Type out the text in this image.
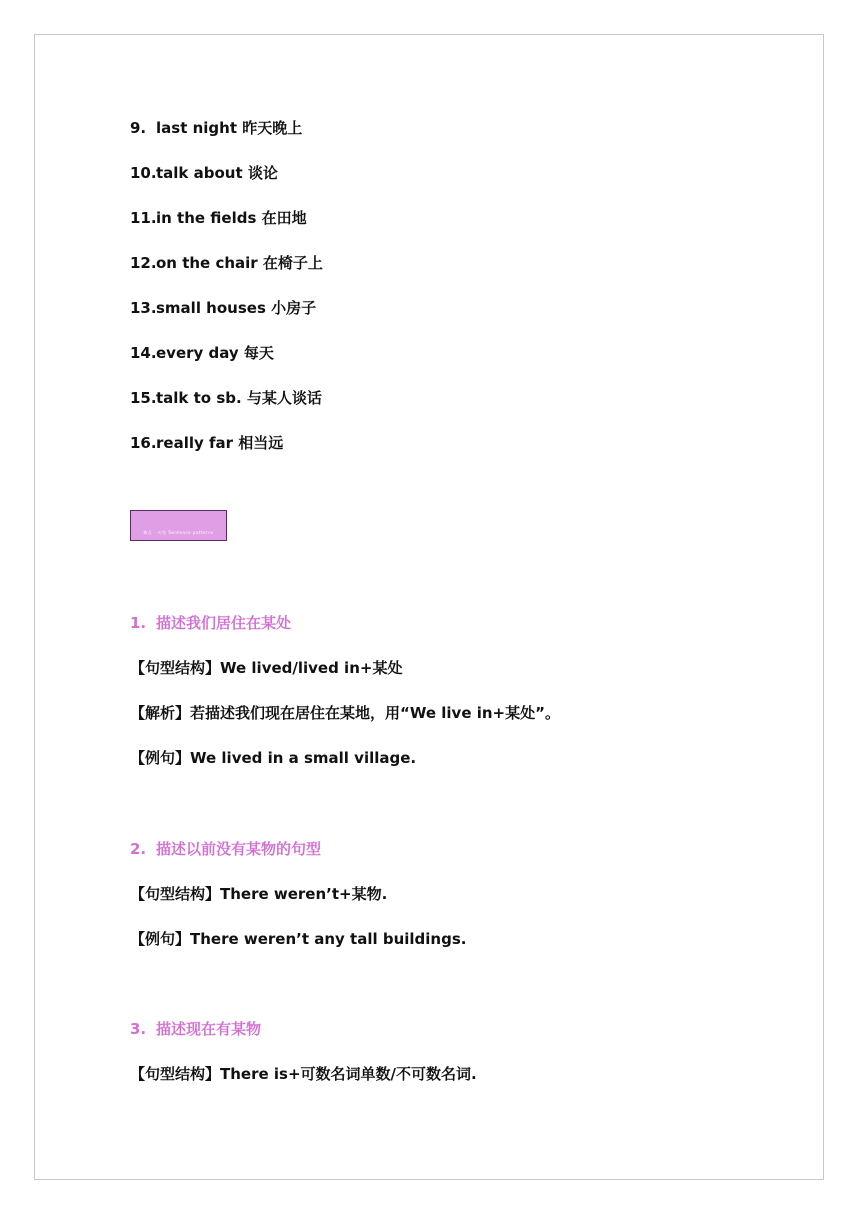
9. last night 昨天晚上
10.talk about 谈论
11.in the fields 在田地
12.on the chair 在椅子上
13.small houses 小房子
14.every day 每天
15.talk to sb. 与某人谈话
16.really far 相当远
1. 描述我们居住在某处
【句型结构】We lived/lived in+某处
【解析】若描述我们现在居住在某地，用“We live in+某处”。
【例句】We lived in a small village.
2. 描述以前没有某物的句型
【句型结构】There weren’t+某物.
【例句】There weren’t any tall buildings.
3. 描述现在有某物
【句型结构】There is+可数名词单数/不可数名词.
难点 · 句型 Sentence patterns
